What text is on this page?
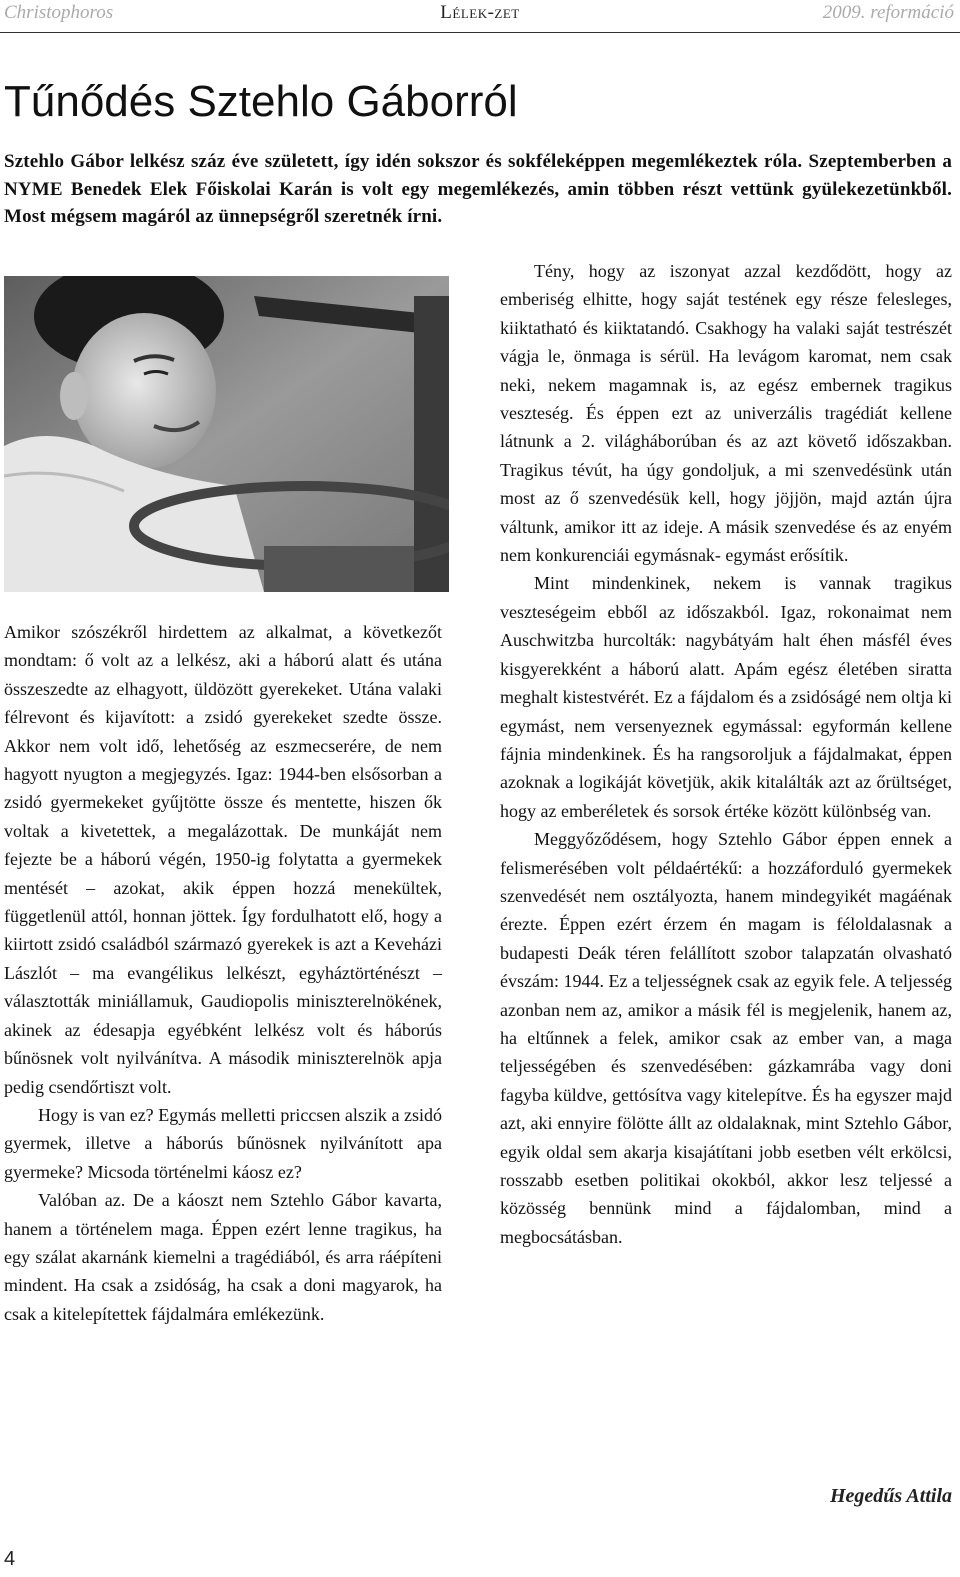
Christophoros	Lélek-zet	2009. reformáció
Tűnődés Sztehlo Gáborról

Sztehlo Gábor lelkész száz éve született, így idén sokszor és sokféleképpen megemlékeztek róla. Szeptemberben a NYME Benedek Elek Főiskolai Karán is volt egy megemlékezés, amin többen részt vettünk gyülekezetünkből. Most mégsem magáról az ünnepségről szeretnék írni.

Amikor szószékről hirdettem az alkalmat, a következőt mondtam: ő volt az a lelkész, aki a háború alatt és utána összeszedte az elhagyott, üldözött gyerekeket. Utána valaki félrevont és kijavított: a zsidó gyerekeket szedte össze. Akkor nem volt idő, lehetőség az eszmecserére, de nem hagyott nyugton a megjegyzés. Igaz: 1944-ben elsősorban a zsidó gyermekeket gyűjtötte össze és mentette, hiszen ők voltak a kivetettek, a megalázottak. De munkáját nem fejezte be a háború végén, 1950-ig folytatta a gyermekek mentését – azokat, akik éppen hozzá menekültek, függetlenül attól, honnan jöttek. Így fordulhatott elő, hogy a kiirtott zsidó családból származó gyerekek is azt a Keveházi Lászlót – ma evangélikus lelkészt, egyháztörténészt – választották miniállamuk, Gaudiopolis miniszterelnökének, akinek az édesapja egyébként lelkész volt és háborús bűnösnek volt nyilvánítva. A második miniszterelnök apja pedig csendőrtiszt volt.

Hogy is van ez? Egymás melletti priccsen alszik a zsidó gyermek, illetve a háborús bűnösnek nyilvánított apa gyermeke? Micsoda történelmi káosz ez?

Valóban az. De a káoszt nem Sztehlo Gábor kavarta, hanem a történelem maga. Éppen ezért lenne tragikus, ha egy szálat akarnánk kiemelni a tragédiából, és arra ráépíteni mindent. Ha csak a zsidóság, ha csak a doni magyarok, ha csak a kitelepítettek fájdalmára emlékezünk.

Tény, hogy az iszonyat azzal kezdődött, hogy az emberiség elhitte, hogy saját testének egy része felesleges, kiiktatható és kiiktatandó. Csakhogy ha valaki saját testrészét vágja le, önmaga is sérül. Ha levágom karomat, nem csak neki, nekem magamnak is, az egész embernek tragikus veszteség. És éppen ezt az univerzális tragédiát kellene látnunk a 2. világháborúban és az azt követő időszakban. Tragikus tévút, ha úgy gondoljuk, a mi szenvedésünk után most az ő szenvedésük kell, hogy jöjjön, majd aztán újra váltunk, amikor itt az ideje. A másik szenvedése és az enyém nem konkurenciái egymásnak- egymást erősítik.

Mint mindenkinek, nekem is vannak tragikus veszteségeim ebből az időszakból. Igaz, rokonaimat nem Auschwitzba hurcolták: nagybátyám halt éhen másfél éves kisgyerekként a háború alatt. Apám egész életében siratta meghalt kistestvérét. Ez a fájdalom és a zsidóságé nem oltja ki egymást, nem versenyeznek egymással: egyformán kellene fájnia mindenkinek. És ha rangsoroljuk a fájdalmakat, éppen azoknak a logikáját követjük, akik kitalálták azt az őrültséget, hogy az emberéletek és sorsok értéke között különbség van.

Meggyőződésem, hogy Sztehlo Gábor éppen ennek a felismerésében volt példaértékű: a hozzáforduló gyermekek szenvedését nem osztályozta, hanem mindegyikét magáénak érezte. Éppen ezért érzem én magam is féloldalasnak a budapesti Deák téren felállított szobor talapzatán olvasható évszám: 1944. Ez a teljességnek csak az egyik fele. A teljesség azonban nem az, amikor a másik fél is megjelenik, hanem az, ha eltűnnek a felek, amikor csak az ember van, a maga teljességében és szenvedésében: gázkamrába vagy doni fagyba küldve, gettósítva vagy kitelepítve. És ha egyszer majd azt, aki ennyire fölötte állt az oldalaknak, mint Sztehlo Gábor, egyik oldal sem akarja kisajátítani jobb esetben vélt erkölcsi, rosszabb esetben politikai okokból, akkor lesz teljessé a közösség bennünk mind a fájdalomban, mind a megbocsátásban.

Hegedűs Attila
4
